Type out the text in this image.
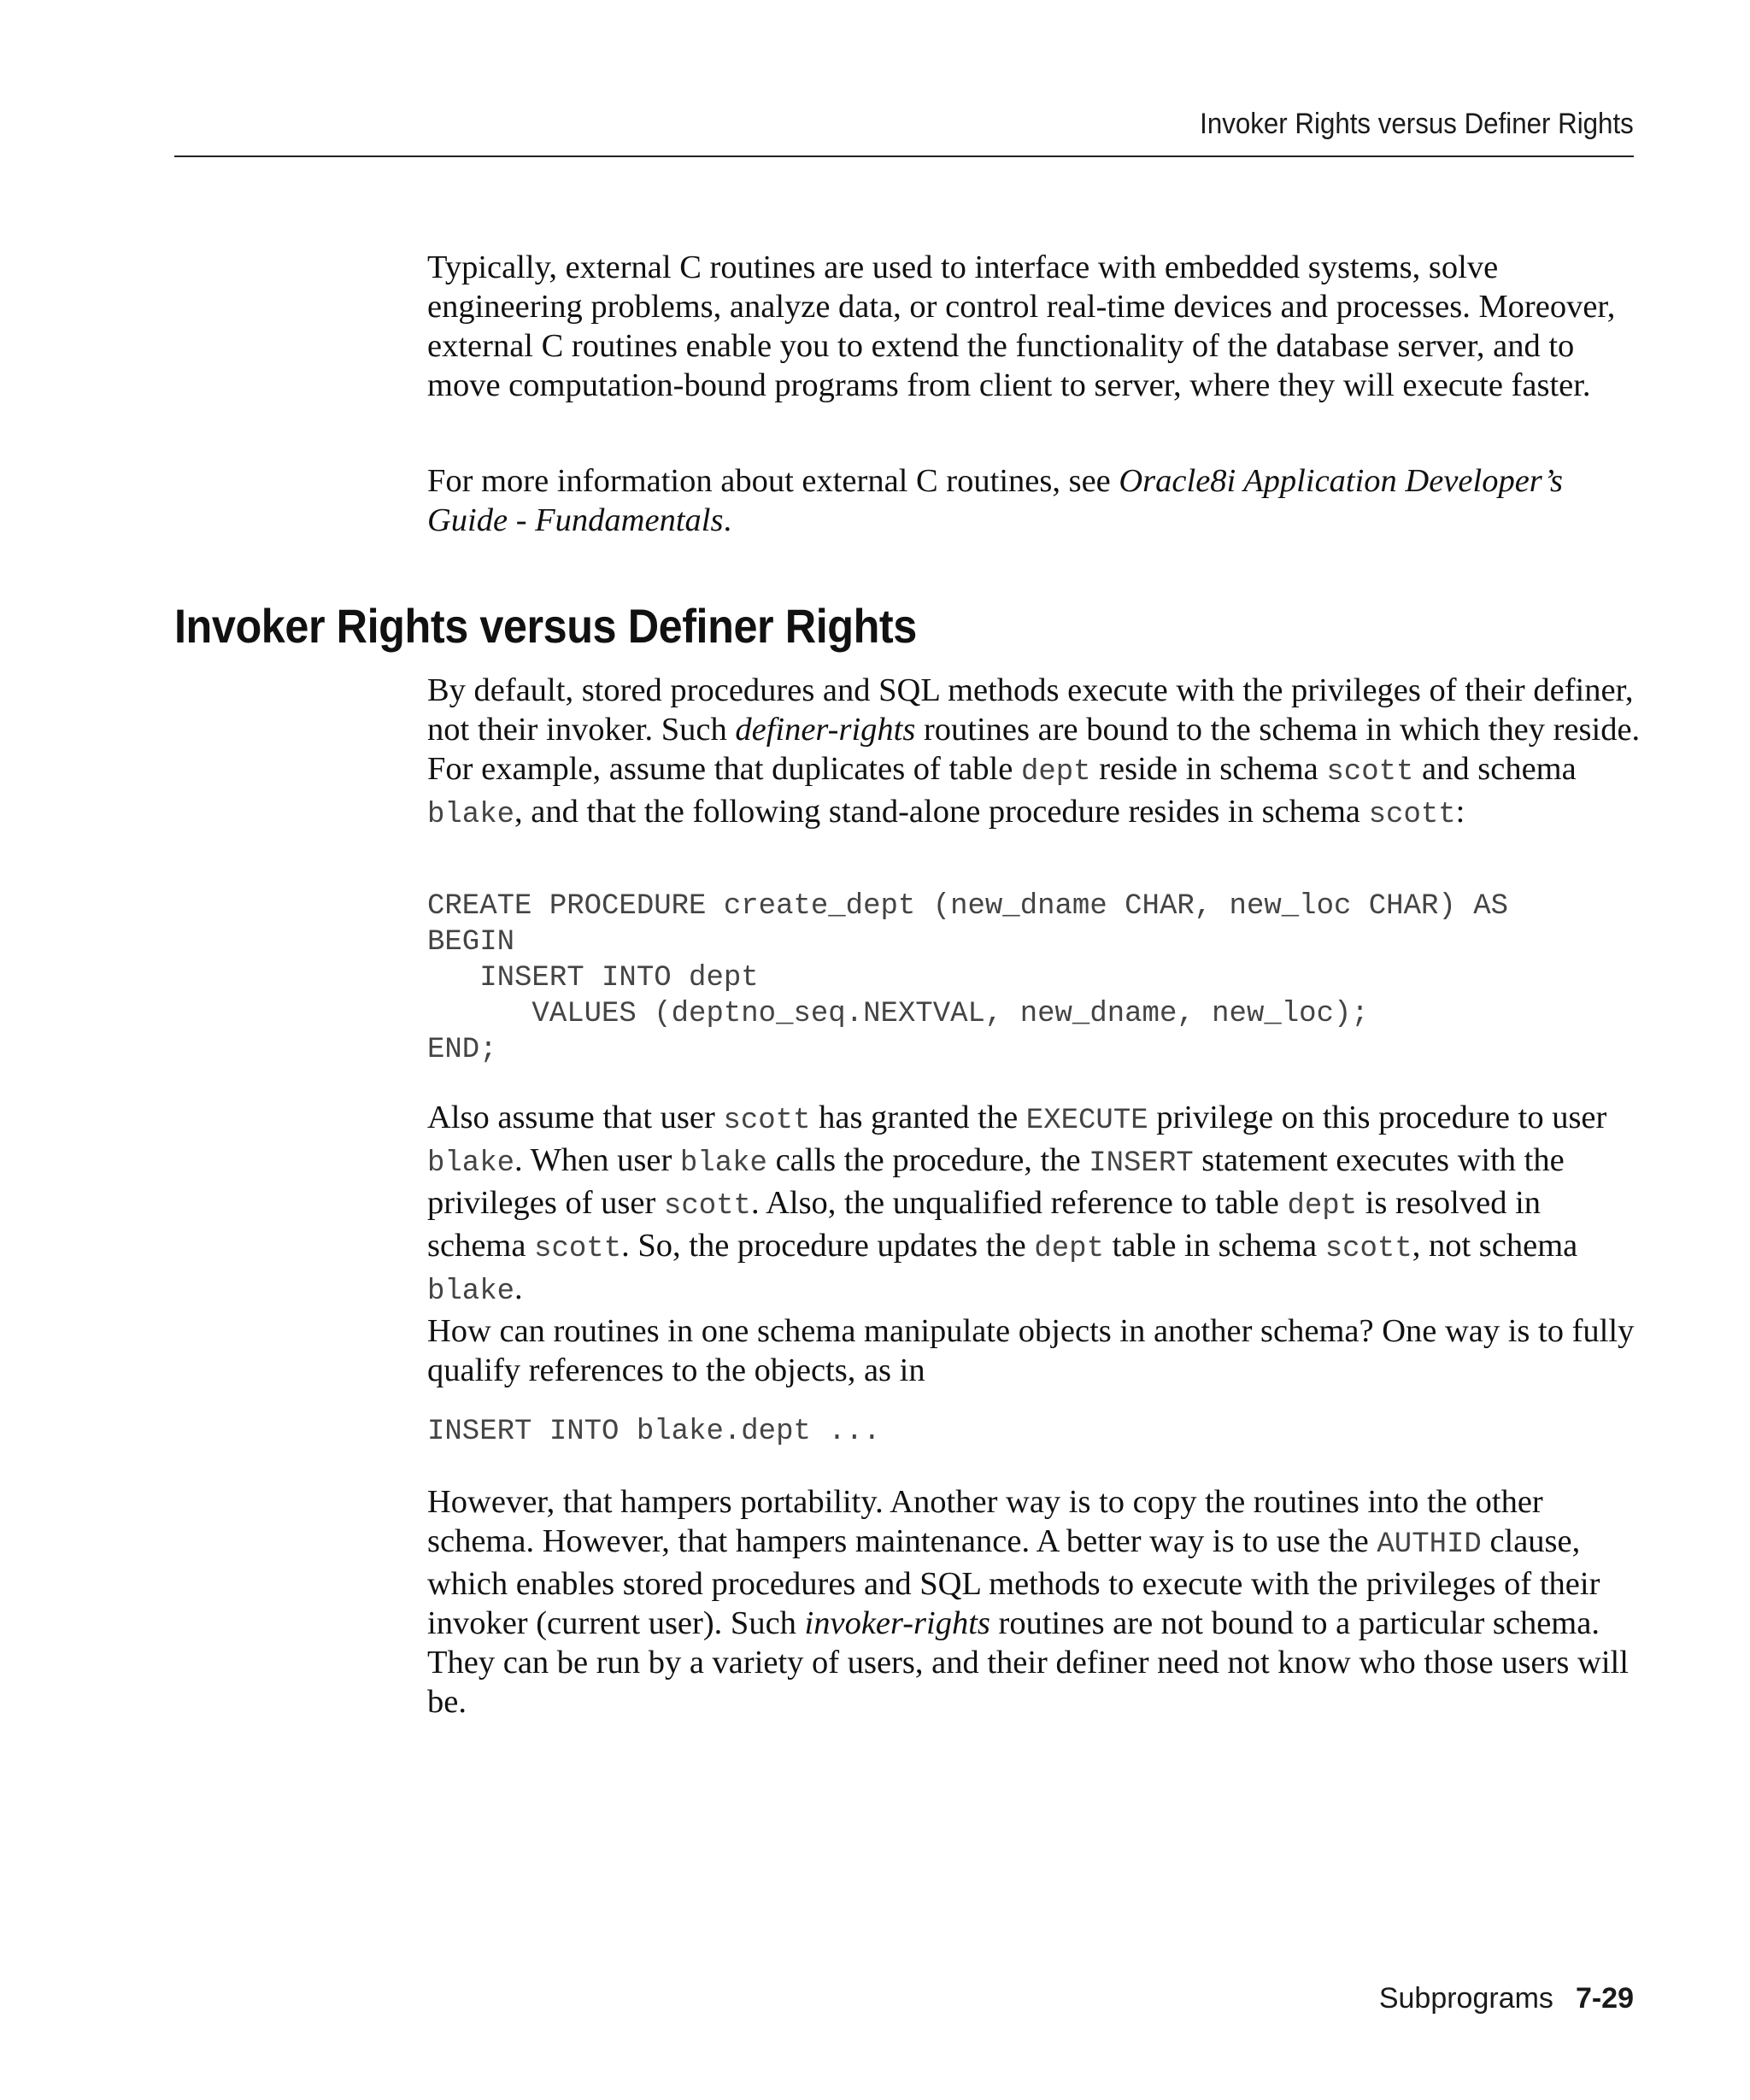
Invoker Rights versus Definer Rights

Typically, external C routines are used to interface with embedded systems, solve engineering problems, analyze data, or control real-time devices and processes. Moreover, external C routines enable you to extend the functionality of the database server, and to move computation-bound programs from client to server, where they will execute faster.

For more information about external C routines, see Oracle8i Application Developer’s Guide - Fundamentals.

Invoker Rights versus Definer Rights

By default, stored procedures and SQL methods execute with the privileges of their definer, not their invoker. Such definer-rights routines are bound to the schema in which they reside. For example, assume that duplicates of table dept reside in schema scott and schema blake, and that the following stand-alone procedure resides in schema scott:

CREATE PROCEDURE create_dept (new_dname CHAR, new_loc CHAR) AS
BEGIN
INSERT INTO dept
VALUES (deptno_seq.NEXTVAL, new_dname, new_loc);
END;

Also assume that user scott has granted the EXECUTE privilege on this procedure to user blake. When user blake calls the procedure, the INSERT statement executes with the privileges of user scott. Also, the unqualified reference to table dept is resolved in schema scott. So, the procedure updates the dept table in schema scott, not schema blake.

How can routines in one schema manipulate objects in another schema? One way is to fully qualify references to the objects, as in

INSERT INTO blake.dept ...

However, that hampers portability. Another way is to copy the routines into the other schema. However, that hampers maintenance. A better way is to use the AUTHID clause, which enables stored procedures and SQL methods to execute with the privileges of their invoker (current user). Such invoker-rights routines are not bound to a particular schema. They can be run by a variety of users, and their definer need not know who those users will be.

Subprograms 7-29
